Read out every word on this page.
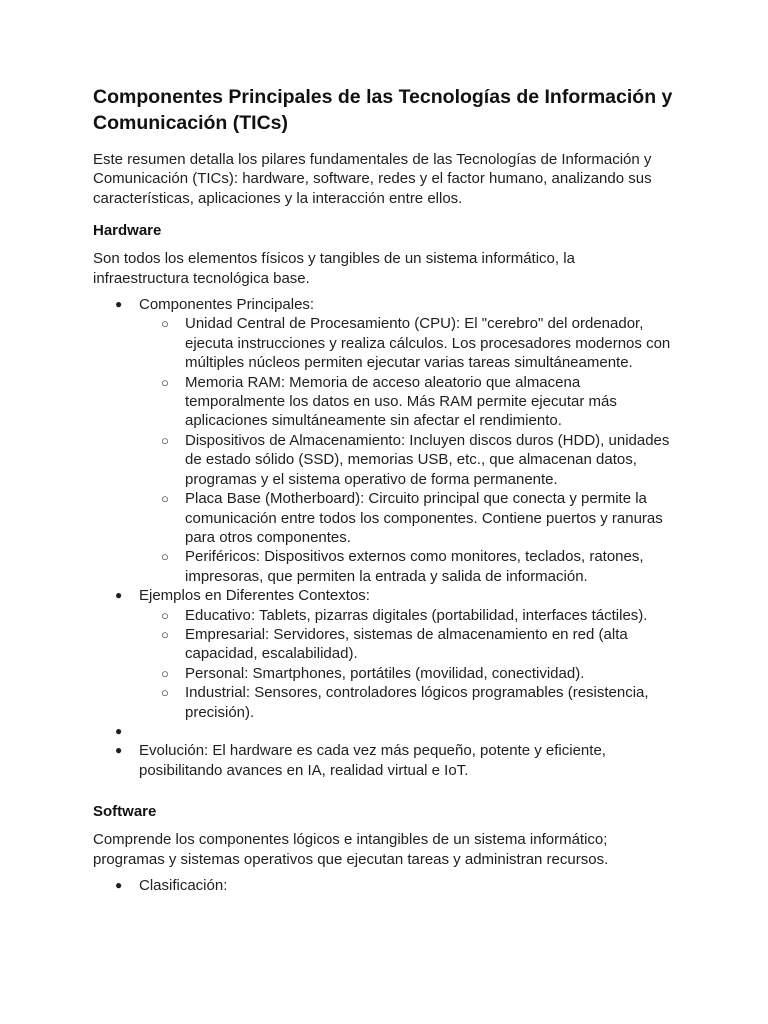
Componentes Principales de las Tecnologías de Información y Comunicación (TICs)

Este resumen detalla los pilares fundamentales de las Tecnologías de Información y Comunicación (TICs): hardware, software, redes y el factor humano, analizando sus características, aplicaciones y la interacción entre ellos.

Hardware

Son todos los elementos físicos y tangibles de un sistema informático, la infraestructura tecnológica base.

● Componentes Principales:
○ Unidad Central de Procesamiento (CPU): El "cerebro" del ordenador, ejecuta instrucciones y realiza cálculos. Los procesadores modernos con múltiples núcleos permiten ejecutar varias tareas simultáneamente.
○ Memoria RAM: Memoria de acceso aleatorio que almacena temporalmente los datos en uso. Más RAM permite ejecutar más aplicaciones simultáneamente sin afectar el rendimiento.
○ Dispositivos de Almacenamiento: Incluyen discos duros (HDD), unidades de estado sólido (SSD), memorias USB, etc., que almacenan datos, programas y el sistema operativo de forma permanente.
○ Placa Base (Motherboard): Circuito principal que conecta y permite la comunicación entre todos los componentes. Contiene puertos y ranuras para otros componentes.
○ Periféricos: Dispositivos externos como monitores, teclados, ratones, impresoras, que permiten la entrada y salida de información.
● Ejemplos en Diferentes Contextos:
○ Educativo: Tablets, pizarras digitales (portabilidad, interfaces táctiles).
○ Empresarial: Servidores, sistemas de almacenamiento en red (alta capacidad, escalabilidad).
○ Personal: Smartphones, portátiles (movilidad, conectividad).
○ Industrial: Sensores, controladores lógicos programables (resistencia, precisión).
●
● Evolución: El hardware es cada vez más pequeño, potente y eficiente, posibilitando avances en IA, realidad virtual e IoT.
Software

Comprende los componentes lógicos e intangibles de un sistema informático; programas y sistemas operativos que ejecutan tareas y administran recursos.

● Clasificación:
